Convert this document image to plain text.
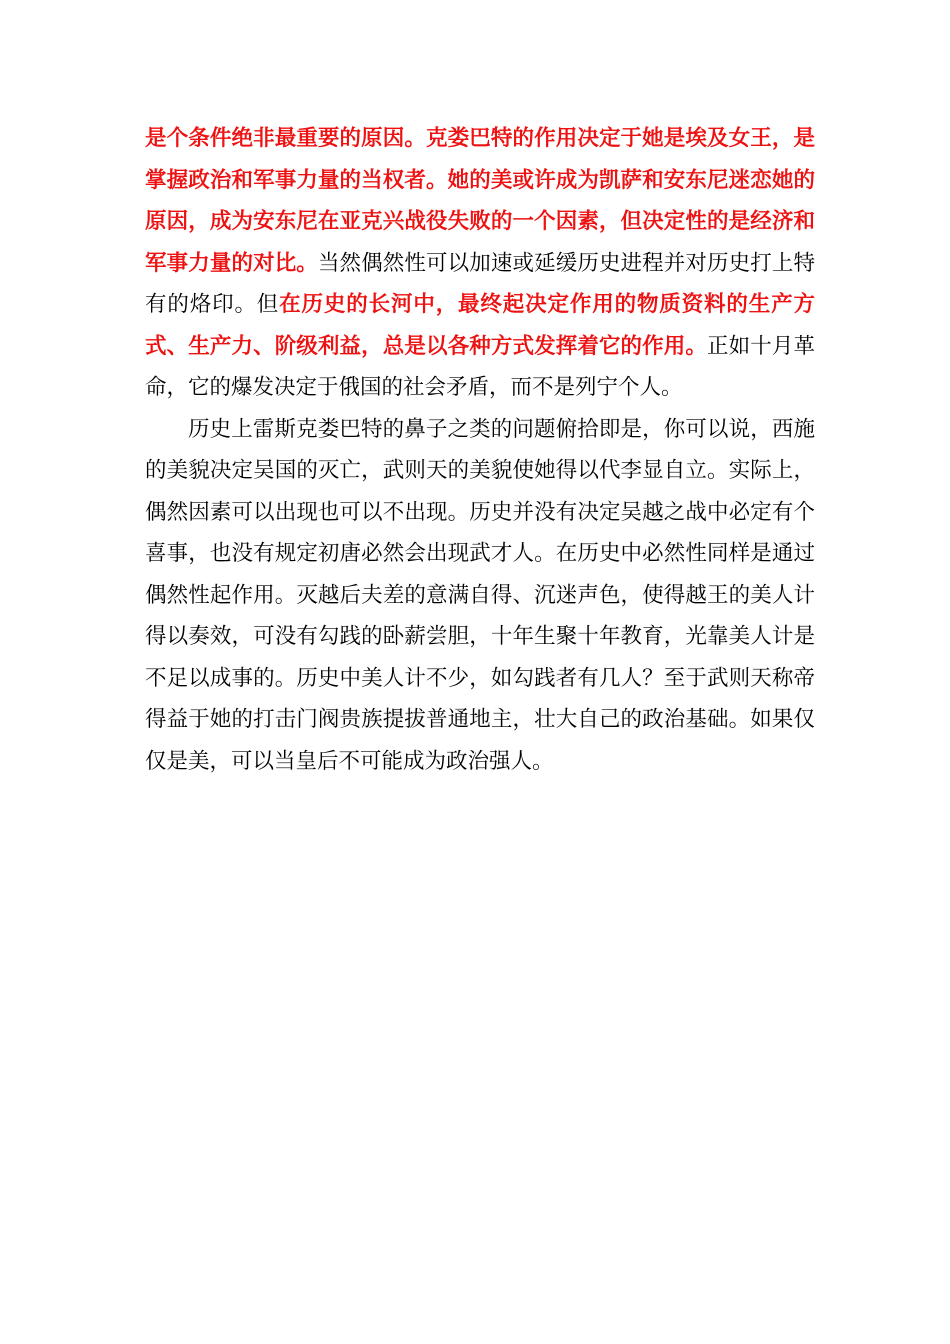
是个条件绝非最重要的原因。克娄巴特的作用决定于她是埃及女王，是掌握政治和军事力量的当权者。她的美或许成为凯萨和安东尼迷恋她的原因，成为安东尼在亚克兴战役失败的一个因素，但决定性的是经济和军事力量的对比。当然偶然性可以加速或延缓历史进程并对历史打上特有的烙印。但在历史的长河中，最终起决定作用的物质资料的生产方式、生产力、阶级利益，总是以各种方式发挥着它的作用。正如十月革命，它的爆发决定于俄国的社会矛盾，而不是列宁个人。

历史上雷斯克娄巴特的鼻子之类的问题俯拾即是，你可以说，西施的美貌决定吴国的灭亡，武则天的美貌使她得以代李显自立。实际上，偶然因素可以出现也可以不出现。历史并没有决定吴越之战中必定有个喜事，也没有规定初唐必然会出现武才人。在历史中必然性同样是通过偶然性起作用。灭越后夫差的意满自得、沉迷声色，使得越王的美人计得以奏效，可没有勾践的卧薪尝胆，十年生聚十年教育，光靠美人计是不足以成事的。历史中美人计不少，如勾践者有几人？至于武则天称帝得益于她的打击门阀贵族提拔普通地主，壮大自己的政治基础。如果仅仅是美，可以当皇后不可能成为政治强人。
